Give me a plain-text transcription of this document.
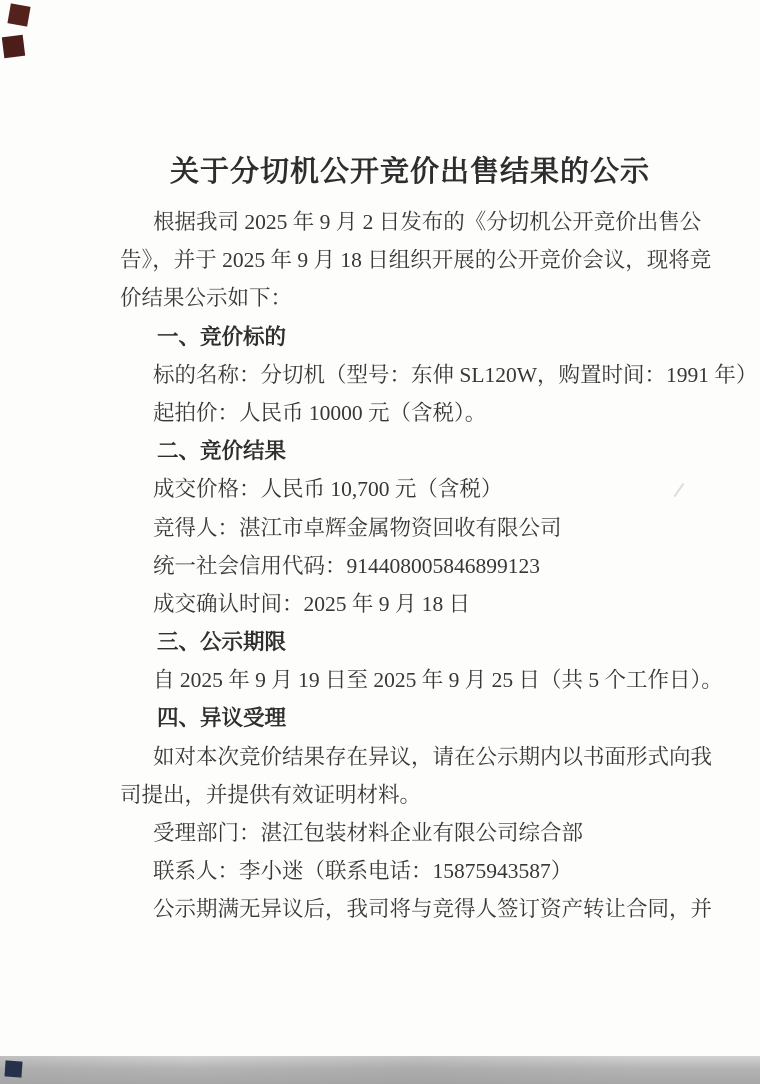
关于分切机公开竞价出售结果的公示

根据我司 2025 年 9 月 2 日发布的《分切机公开竞价出售公

告》，并于 2025 年 9 月 18 日组织开展的公开竞价会议，现将竞

价结果公示如下：

一、竞价标的

标的名称：分切机（型号：东伸 SL120W，购置时间：1991 年）

起拍价：人民币 10000 元（含税）。

二、竞价结果

成交价格：人民币 10,700 元（含税）

竞得人：湛江市卓辉金属物资回收有限公司

统一社会信用代码：914408005846899123

成交确认时间：2025 年 9 月 18 日

三、公示期限

自 2025 年 9 月 19 日至 2025 年 9 月 25 日（共 5 个工作日）。

四、异议受理

如对本次竞价结果存在异议，请在公示期内以书面形式向我

司提出，并提供有效证明材料。

受理部门：湛江包装材料企业有限公司综合部

联系人：李小迷（联系电话：15875943587）

公示期满无异议后，我司将与竞得人签订资产转让合同，并
